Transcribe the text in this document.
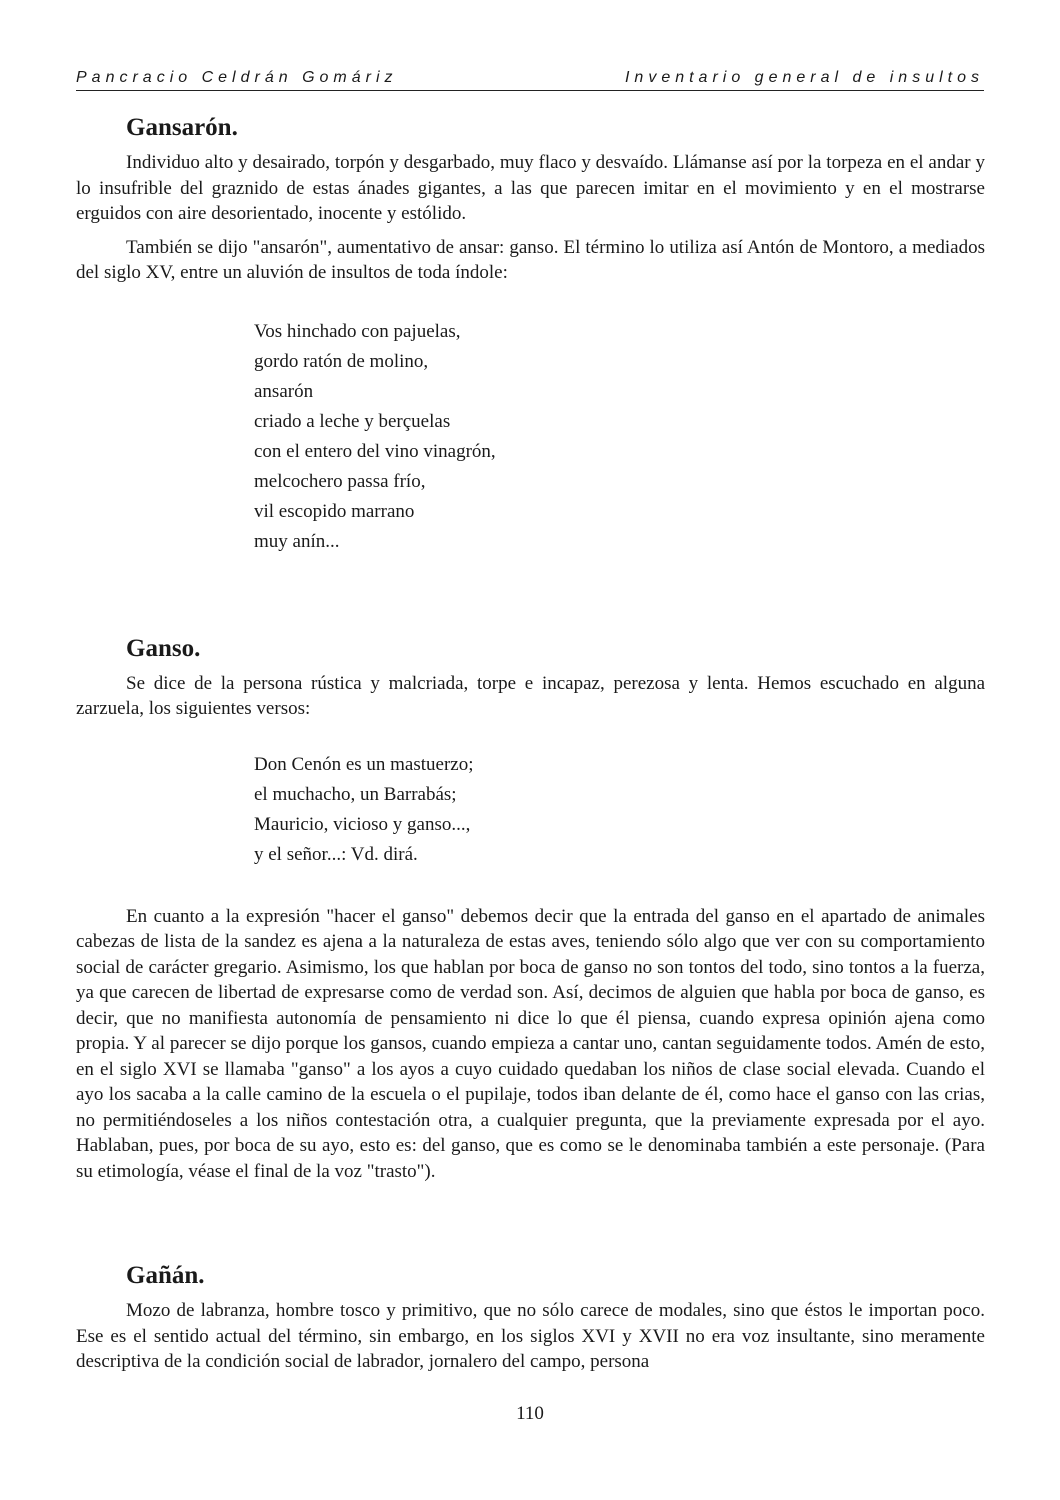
Pancracio Celdrán Gomáriz	Inventario general de insultos
Gansarón.

Individuo alto y desairado, torpón y desgarbado, muy flaco y desvaído. Llámanse así por la torpeza en el andar y lo insufrible del graznido de estas ánades gigantes, a las que parecen imitar en el movimiento y en el mostrarse erguidos con aire desorientado, inocente y estólido.

También se dijo "ansarón", aumentativo de ansar: ganso. El término lo utiliza así Antón de Montoro, a mediados del siglo XV, entre un aluvión de insultos de toda índole:

Vos hinchado con pajuelas,
gordo ratón de molino,
ansarón
criado a leche y berçuelas
con el entero del vino vinagrón,
melcochero passa frío,
vil escopido marrano
muy anín...
Ganso.

Se dice de la persona rústica y malcriada, torpe e incapaz, perezosa y lenta. Hemos escuchado en alguna zarzuela, los siguientes versos:

Don Cenón es un mastuerzo;
el muchacho, un Barrabás;
Mauricio, vicioso y ganso...,
y el señor...: Vd. dirá.

En cuanto a la expresión "hacer el ganso" debemos decir que la entrada del ganso en el apartado de animales cabezas de lista de la sandez es ajena a la naturaleza de estas aves, teniendo sólo algo que ver con su comportamiento social de carácter gregario. Asimismo, los que hablan por boca de ganso no son tontos del todo, sino tontos a la fuerza, ya que carecen de libertad de expresarse como de verdad son. Así, decimos de alguien que habla por boca de ganso, es decir, que no manifiesta autonomía de pensamiento ni dice lo que él piensa, cuando expresa opinión ajena como propia. Y al parecer se dijo porque los gansos, cuando empieza a cantar uno, cantan seguidamente todos. Amén de esto, en el siglo XVI se llamaba "ganso" a los ayos a cuyo cuidado quedaban los niños de clase social elevada. Cuando el ayo los sacaba a la calle camino de la escuela o el pupilaje, todos iban delante de él, como hace el ganso con las crias, no permitiéndoseles a los niños contestación otra, a cualquier pregunta, que la previamente expresada por el ayo. Hablaban, pues, por boca de su ayo, esto es: del ganso, que es como se le denominaba también a este personaje. (Para su etimología, véase el final de la voz "trasto").

Gañán.

Mozo de labranza, hombre tosco y primitivo, que no sólo carece de modales, sino que éstos le importan poco. Ese es el sentido actual del término, sin embargo, en los siglos XVI y XVII no era voz insultante, sino meramente descriptiva de la condición social de labrador, jornalero del campo, persona

110
